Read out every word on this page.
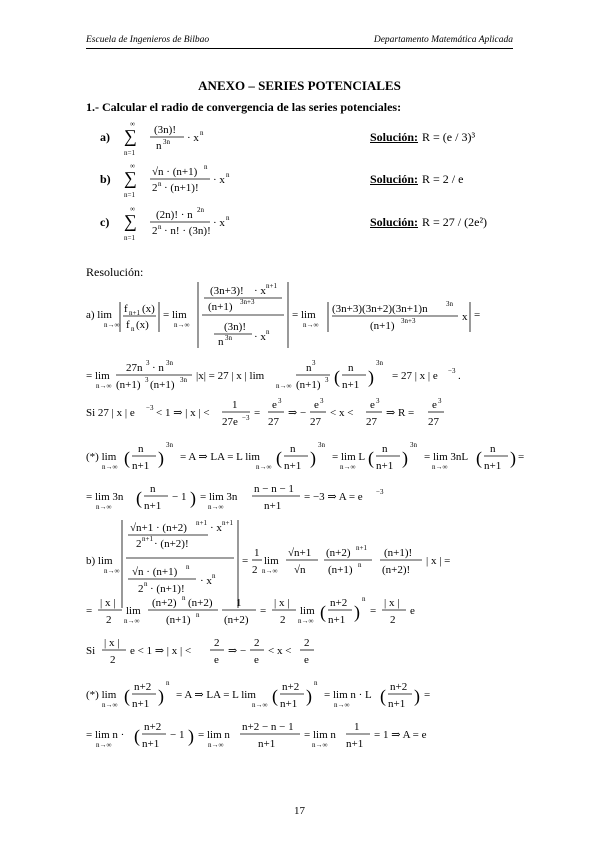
Escuela de Ingenieros de Bilbao	Departamento Matemática Aplicada
ANEXO – SERIES POTENCIALES
1.- Calcular el radio de convergencia de las series potenciales:
a)
∞
∑
n=1
(3n)!
n 3n · x n	Solución: R = (e / 3)³
b)
∞
∑
n=1
√n · (n+1) n
2 n · (n+1)!
· x n	Solución: R = 2 / e
c)
∞
∑
n=1
(2n)! · n 2n
2 n · n! · (3n)!
· x n	Solución: R = 27 / (2e²)
Resolución:
a) lim
n→∞
f n+1 (x)
f n (x)
= lim
n→∞
(3n+3)! · x n+1
(n+1) 3n+3
(3n)!
n 3n · x n
= lim
n→∞
(3n+3)(3n+2)(3n+1)n	3n
(n+1) 3n+3	x =
= lim
n→∞
27n 3 · n 3n
(n+1) 3 (n+1) 3n |x| = 27 | x | lim
n→∞
n 3
(n+1) 3 ( n
n+1 )
3n
= 27 | x | e −3 .
Si 27 | x | e −3 < 1 ⇒ | x | <
1
27e −3 =
e 3
27
⇒ −
e 3
27
< x <
e 3
27
⇒ R =
e 3
27
(*) lim
n→∞ ( n
n+1 )
3n
= A ⇒ LA = L lim
n→∞ ( n
n+1 )
3n
= lim L
n→∞ ( n
n+1 )
3n
= lim 3nL
n→∞ ( n
n+1 ) =
= lim 3n
n→∞ ( n
n+1
− 1 ) = lim 3n
n→∞
n − n − 1
n+1
= −3 ⇒ A = e −3
b) lim
n→∞
√n+1 · (n+2) n+1 · x n+1
2 n+1 · (n+2)!
√n · (n+1) n
2 n · (n+1)!
· x n
=
1
2
lim
n→∞
√n+1
√n
(n+2) n+1
(n+1) n
(n+1)!
(n+2)!
| x | =
=
| x |
2
lim
n→∞
(n+2) n (n+2)
(n+1) n
1
(n+2)
=
| x |
2
lim
n→∞ ( n+2
n+1 )
n
=
| x |
2
e
Si
| x |
2
e < 1 ⇒ | x | <
2
e
⇒ −
2
e
< x <
2
e
(*) lim
n→∞ ( n+2
n+1 )
n
= A ⇒ LA = L lim
n→∞ ( n+2
n+1 )
n
= lim n · L
n→∞ ( n+2
n+1 ) =
= lim n ·
n→∞ ( n+2
n+1
− 1 ) = lim n
n→∞
n+2 − n − 1
n+1
= lim n
n→∞
1
n+1
= 1 ⇒ A = e
17
